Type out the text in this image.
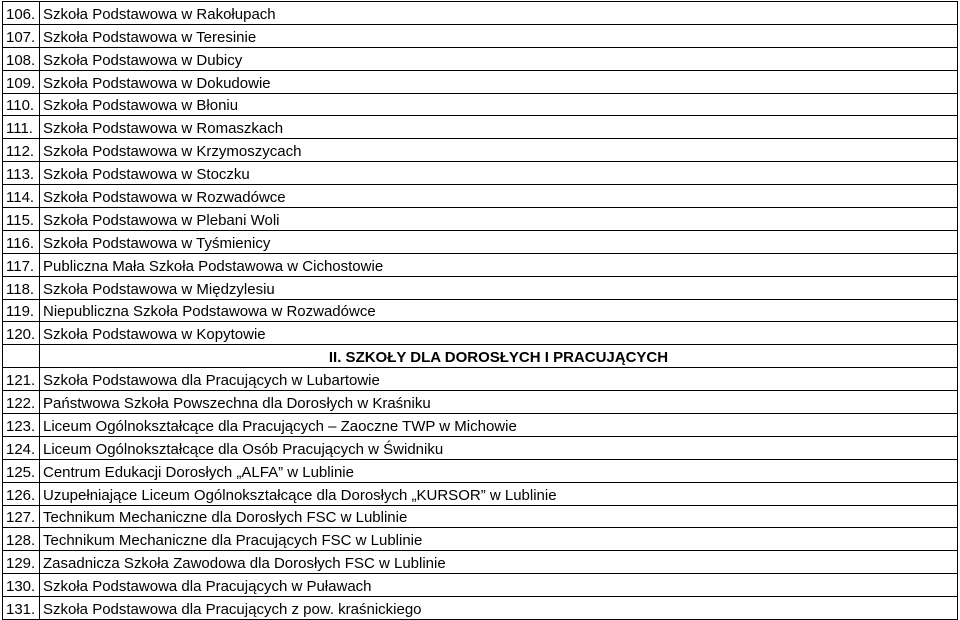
106.	Szkoła Podstawowa w Rakołupach
107.	Szkoła Podstawowa w Teresinie
108.	Szkoła Podstawowa w Dubicy
109.	Szkoła Podstawowa w Dokudowie
110.	Szkoła Podstawowa w Błoniu
111.	Szkoła Podstawowa w Romaszkach
112.	Szkoła Podstawowa w Krzymoszycach
113.	Szkoła Podstawowa w Stoczku
114.	Szkoła Podstawowa w Rozwadówce
115.	Szkoła Podstawowa w Plebani Woli
116.	Szkoła Podstawowa w Tyśmienicy
117.	Publiczna Mała Szkoła Podstawowa w Cichostowie
118.	Szkoła Podstawowa w Międzylesiu
119.	Niepubliczna Szkoła Podstawowa w Rozwadówce
120.	Szkoła Podstawowa w Kopytowie
	II. SZKOŁY DLA DOROSŁYCH I PRACUJĄCYCH
121.	Szkoła Podstawowa dla Pracujących w Lubartowie
122.	Państwowa Szkoła Powszechna dla Dorosłych w Kraśniku
123.	Liceum Ogólnokształcące dla Pracujących – Zaoczne TWP w Michowie
124.	Liceum Ogólnokształcące dla Osób Pracujących w Świdniku
125.	Centrum Edukacji Dorosłych „ALFA” w Lublinie
126.	Uzupełniające Liceum Ogólnokształcące dla Dorosłych „KURSOR” w Lublinie
127.	Technikum Mechaniczne dla Dorosłych FSC w Lublinie
128.	Technikum Mechaniczne dla Pracujących FSC w Lublinie
129.	Zasadnicza Szkoła Zawodowa dla Dorosłych FSC w Lublinie
130.	Szkoła Podstawowa dla Pracujących w Puławach
131.	Szkoła Podstawowa dla Pracujących z pow. kraśnickiego
